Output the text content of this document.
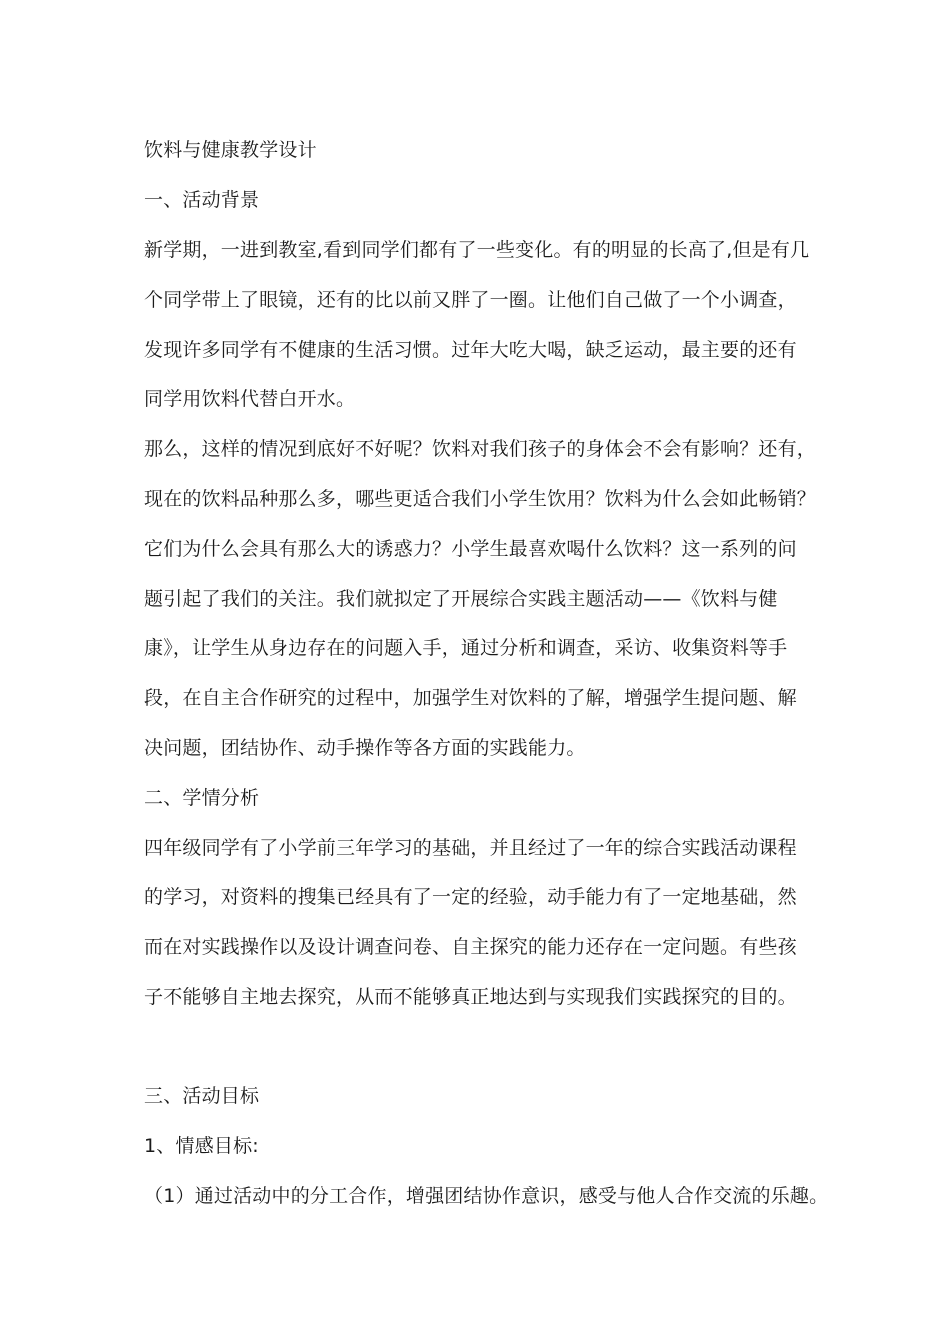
饮料与健康教学设计
一、活动背景
新学期，一进到教室,看到同学们都有了一些变化。有的明显的长高了,但是有几
个同学带上了眼镜，还有的比以前又胖了一圈。让他们自己做了一个小调查，
发现许多同学有不健康的生活习惯。过年大吃大喝，缺乏运动，最主要的还有
同学用饮料代替白开水。
那么，这样的情况到底好不好呢？饮料对我们孩子的身体会不会有影响？还有，
现在的饮料品种那么多，哪些更适合我们小学生饮用？饮料为什么会如此畅销？
它们为什么会具有那么大的诱惑力？小学生最喜欢喝什么饮料？这一系列的问
题引起了我们的关注。我们就拟定了开展综合实践主题活动——《饮料与健
康》，让学生从身边存在的问题入手，通过分析和调查，采访、收集资料等手
段，在自主合作研究的过程中，加强学生对饮料的了解，增强学生提问题、解
决问题，团结协作、动手操作等各方面的实践能力。
二、学情分析
四年级同学有了小学前三年学习的基础，并且经过了一年的综合实践活动课程
的学习，对资料的搜集已经具有了一定的经验，动手能力有了一定地基础，然
而在对实践操作以及设计调查问卷、自主探究的能力还存在一定问题。有些孩
子不能够自主地去探究，从而不能够真正地达到与实现我们实践探究的目的。
三、活动目标
1、情感目标:
（1）通过活动中的分工合作，增强团结协作意识，感受与他人合作交流的乐趣。
